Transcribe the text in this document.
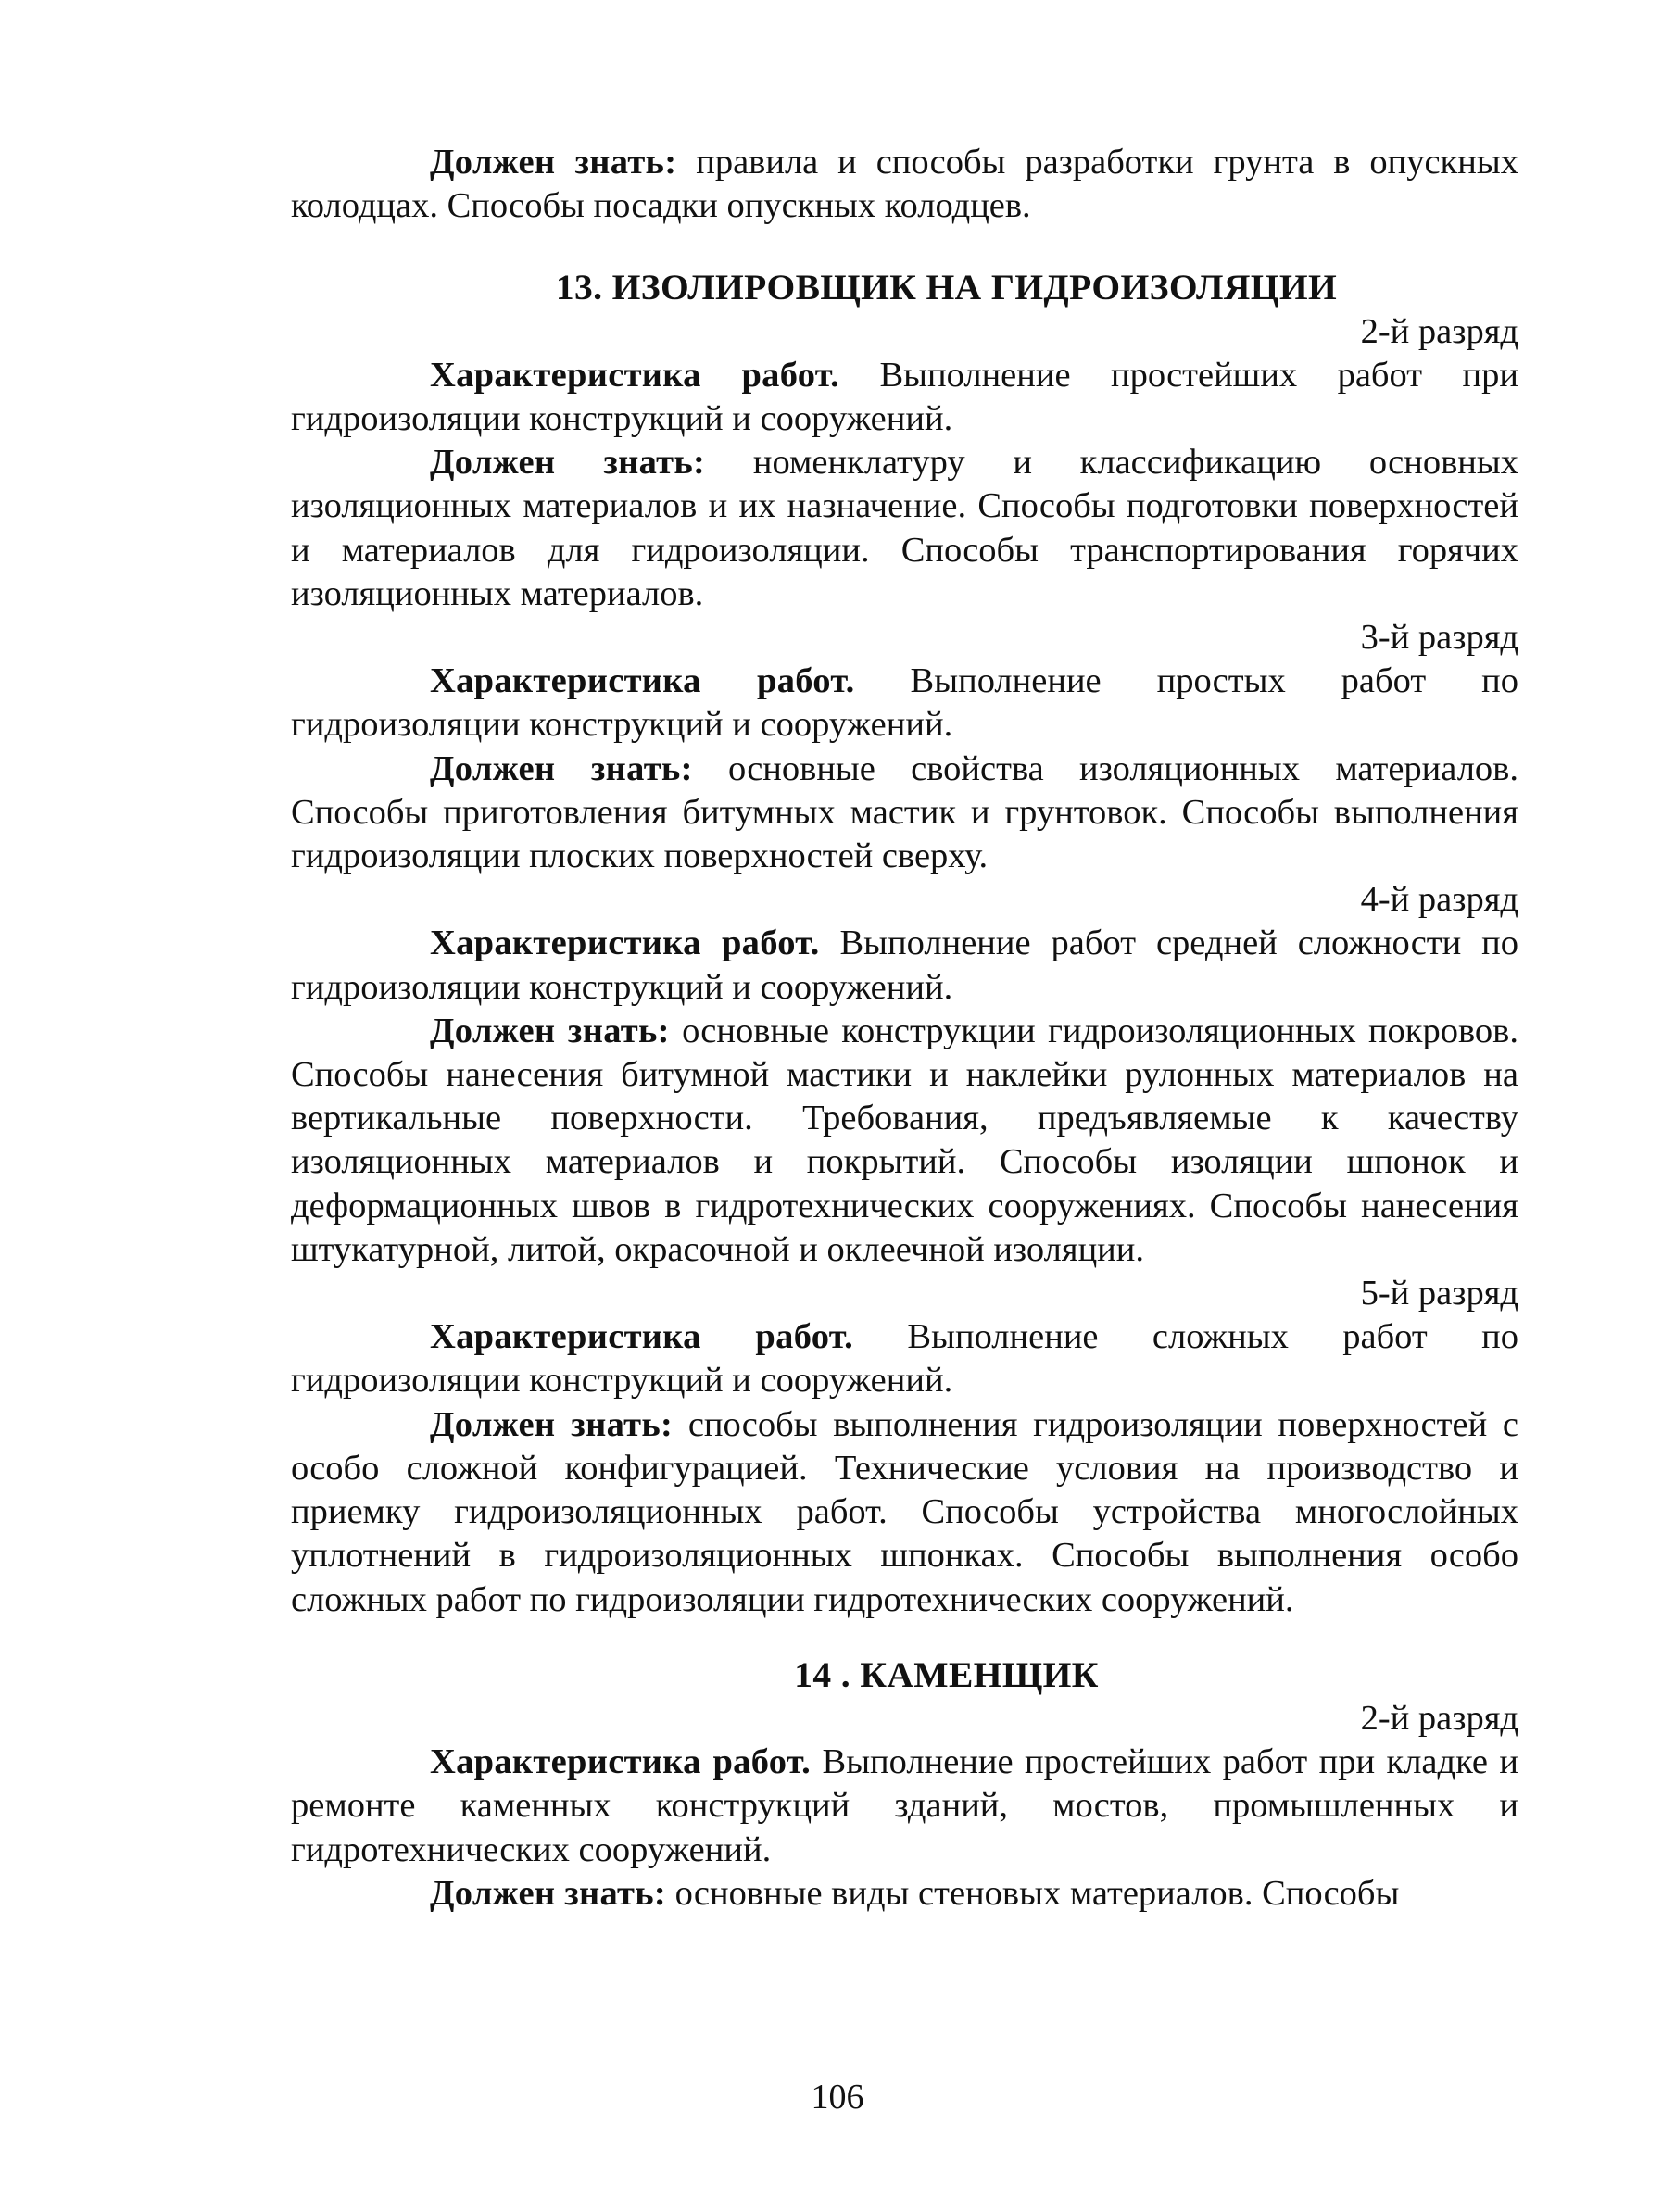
Должен знать: правила и способы разработки грунта в опускных колодцах. Способы посадки опускных колодцев.

13. ИЗОЛИРОВЩИК НА ГИДРОИЗОЛЯЦИИ
2-й разряд

Характеристика работ. Выполнение простейших работ при гидроизоляции конструкций и сооружений.

Должен знать: номенклатуру и классификацию основных изоляционных материалов и их назначение. Способы подготовки поверхностей и материалов для гидроизоляции. Способы транспортирования горячих изоляционных материалов.

3-й разряд

Характеристика работ. Выполнение простых работ по гидроизоляции конструкций и сооружений.

Должен знать: основные свойства изоляционных материалов. Способы приготовления битумных мастик и грунтовок. Способы выполнения гидроизоляции плоских поверхностей сверху.

4-й разряд

Характеристика работ. Выполнение работ средней сложности по гидроизоляции конструкций и сооружений.

Должен знать: основные конструкции гидроизоляционных покровов. Способы нанесения битумной мастики и наклейки рулонных материалов на вертикальные поверхности. Требования, предъявляемые к качеству изоляционных материалов и покрытий. Способы изоляции шпонок и деформационных швов в гидротехнических сооружениях. Способы нанесения штукатурной, литой, окрасочной и оклеечной изоляции.

5-й разряд

Характеристика работ. Выполнение сложных работ по гидроизоляции конструкций и сооружений.

Должен знать: способы выполнения гидроизоляции поверхностей с особо сложной конфигурацией. Технические условия на производство и приемку гидроизоляционных работ. Способы устройства многослойных уплотнений в гидроизоляционных шпонках. Способы выполнения особо сложных работ по гидроизоляции гидротехнических сооружений.

14 . КАМЕНЩИК
2-й разряд

Характеристика работ. Выполнение простейших работ при кладке и ремонте каменных конструкций зданий, мостов, промышленных и гидротехнических сооружений.

Должен знать: основные виды стеновых материалов. Способы

106
